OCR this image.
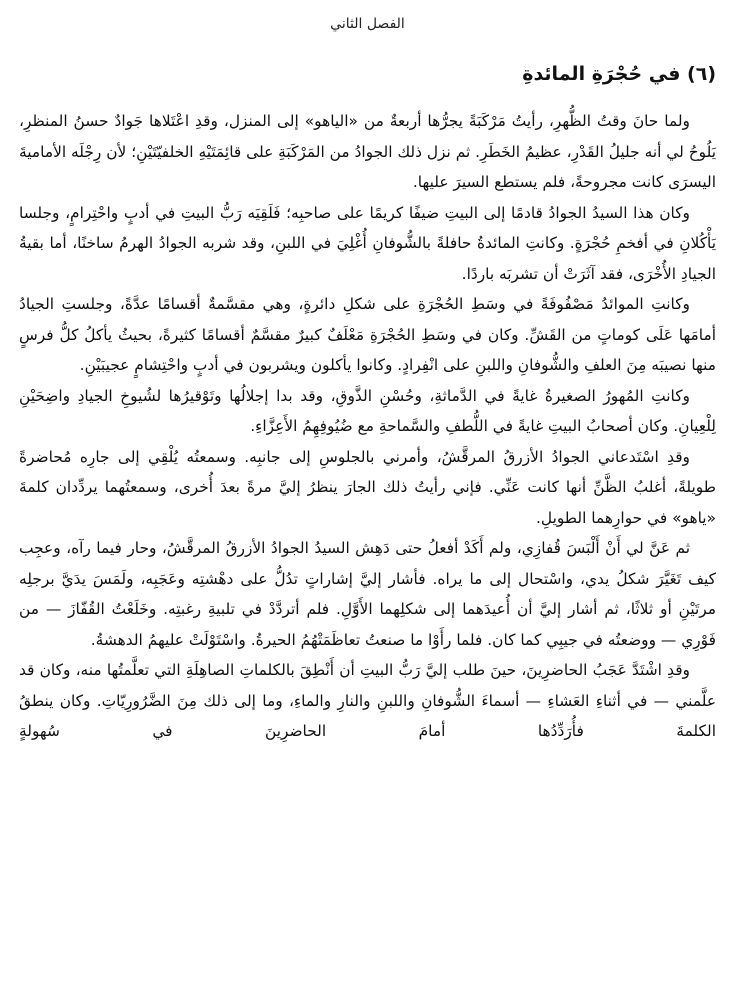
الفصل الثاني
(٦) في حُجْرَةِ المائدةِ

ولما حانَ وقتُ الظُّهرِ، رأيتُ مَرْكَبَةً يجرُّها أربعةٌ من «الياهو» إلى المنزل، وقدِ اعْتَلاها جَوادٌ حسنُ المنظرِ، يَلُوحُ لي أنه جليلُ القَدْرِ، عظيمُ الخَطَرِ. ثم نزل ذلك الجوادُ من المَرْكَبَةِ على قائِمَتَيْهِ الخلفيّتَيْنِ؛ لأن رِجْلَه الأماميةَ اليسرَى كانت مجروحةً، فلم يستطع السيرَ عليها.

وكان هذا السيدُ الجوادُ قادمًا إلى البيتِ ضيفًا كريمًا على صاحبِه؛ فَلَقِيَه رَبُّ البيتِ في أدبٍ واحْتِرامٍ، وجلسا يَأْكُلانِ في أفخمِ حُجْرَةٍ. وكانتِ المائدةُ حافلةً بالشُّوفانِ أُغْلِيَ في اللبنِ، وقد شربه الجوادُ الهرمُ ساخنًا، أما بقيةُ الجيادِ الأُخْرَى، فقد آثَرَتْ أن تشربَه باردًا.

وكانتِ الموائدُ مَصْفُوفَةً في وسَطِ الحُجْرَةِ على شكلِ دائرةٍ، وهي مقسَّمةٌ أقسامًا عدَّةً، وجلستِ الجيادُ أمامَها عَلَى كوماتٍ من القَشِّ. وكان في وسَطِ الحُجْرَةِ مَعْلَفٌ كبيرٌ مقسَّمٌ أقسامًا كثيرةً، بحيثُ يأكلُ كلُّ فرسٍ منها نصيبَه مِنَ العلفِ والشُّوفانِ واللبنِ على انْفِرادٍ. وكانوا يأكلون ويشربون في أدبٍ واحْتِشامٍ عجيبَيْنِ.

وكانتِ المُهورُ الصغيرةُ غايةً في الدَّماثةِ، وحُسْنِ الذَّوقِ، وقد بدا إجلالُها وتَوْقيرُها لشُيوخِ الجيادِ واضِحَيْنِ لِلْعِيانِ. وكان أصحابُ البيتِ غايةً في اللُّطفِ والسَّماحةِ مع ضُيُوفِهِمُ الأَعِزَّاءِ.

وقدِ اسْتَدعاني الجوادُ الأزرقُ المرقَّشُ، وأمرني بالجلوسِ إلى جانبِه. وسمعتُه يُلْقِي إلى جارِه مُحاضرةً طويلةً، أغلبُ الظَّنِّ أنها كانت عَنِّي. فإني رأيتُ ذلك الجارَ ينظرُ إليَّ مرةً بعدَ أُخرى، وسمعتُهما يردِّدان كلمةَ «ياهو» في حوارِهما الطويلِ.

ثم عَنَّ لي أَنْ أَلْبَسَ قُفازِي، ولم أَكَدْ أفعلُ حتى دَهِش السيدُ الجوادُ الأزرقُ المرقَّشُ، وحار فيما رآه، وعجِب كيف تَغَيَّرَ شكلُ يدي، واسْتحال إلى ما يراه. فأشار إليَّ إشاراتٍ تدُلُّ على دهْشتِه وعَجَبِه، ولَمَسَ يدَيَّ برجلِه مرتَيْنِ أو ثلاثًا، ثم أشار إليَّ أن أُعيدَهما إلى شكلِهما الأَوَّلِ. فلم أتردَّدْ في تلبيةِ رغبتِه. وخَلَعْتُ القُفّازَ — من فَوْرِي — ووضعتُه في جيبِي كما كان. فلما رأَوْا ما صنعتُ تعاظَمَتْهُمُ الحيرةُ. واسْتَوْلَتْ عليهمُ الدهشةُ.

وقدِ اشْتَدَّ عَجَبُ الحاضرِينَ، حينَ طلب إليَّ رَبُّ البيتِ أن أَنْطِقَ بالكلماتِ الصاهِلَةِ التي تعلَّمتُها منه، وكان قد علَّمني — في أثناءِ العَشاءِ — أسماءَ الشُّوفانِ واللبنِ والنارِ والماءِ، وما إلى ذلك مِنَ الضَّرُورِيّاتِ. وكان ينطقُ الكلمةَ فأُرَدِّدُها أمامَ الحاضرِينَ في سُهولةٍ
